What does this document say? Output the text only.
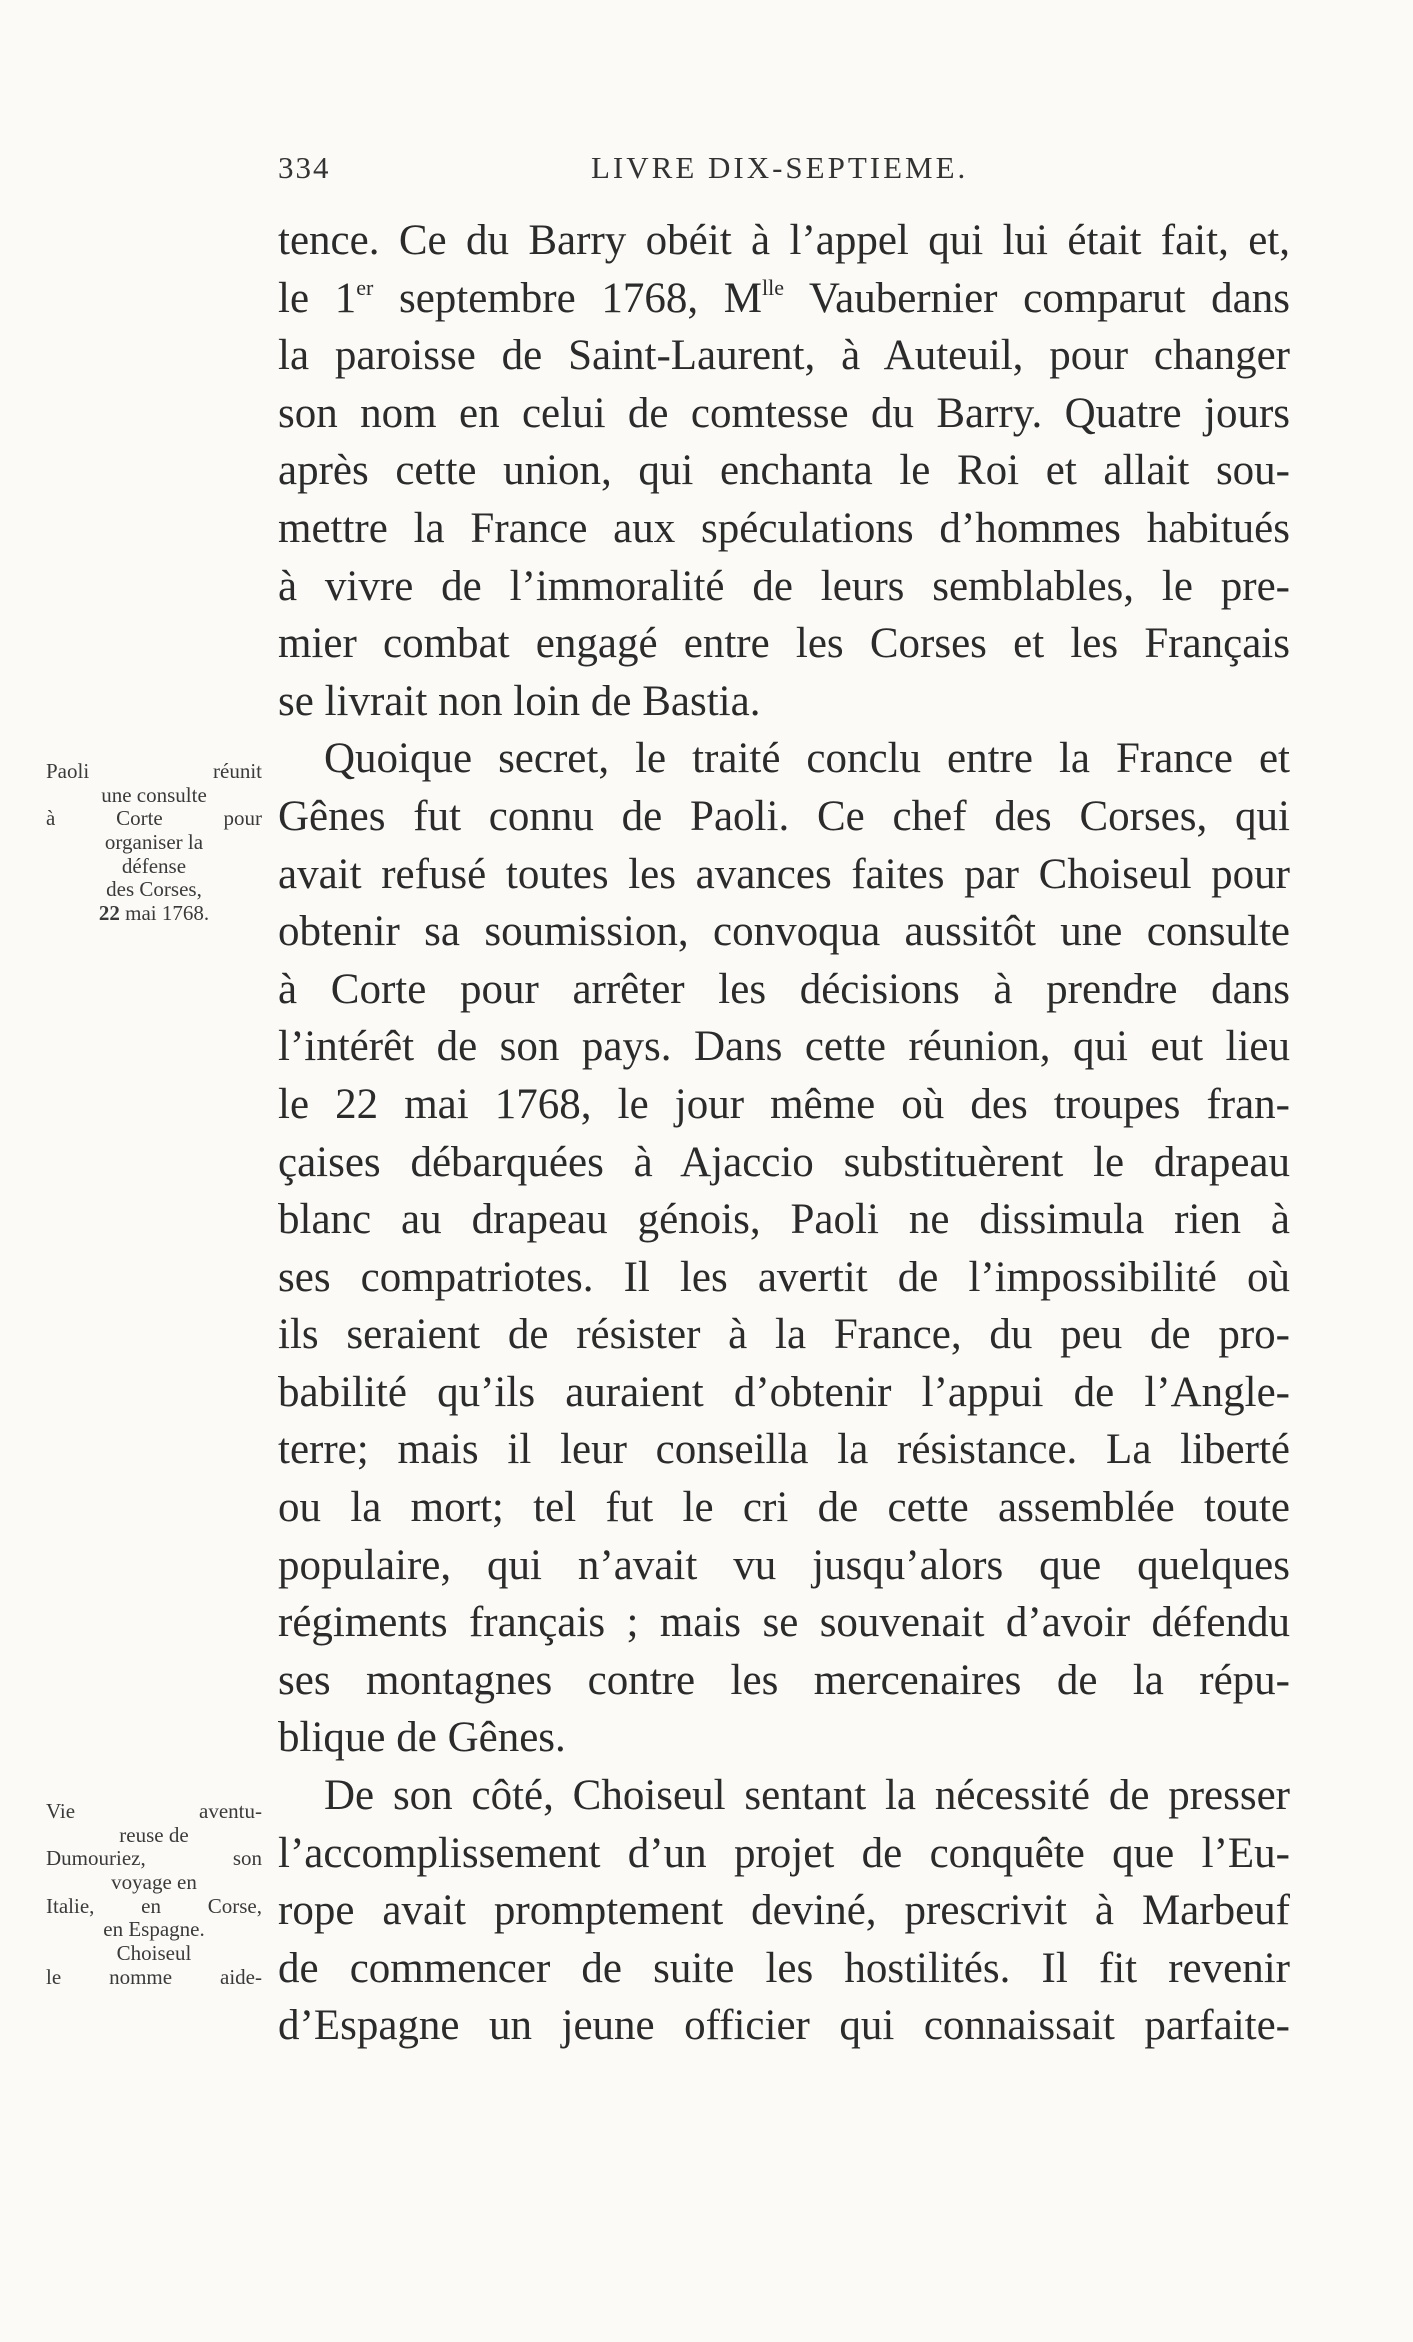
334	LIVRE DIX-SEPTIEME.
tence. Ce du Barry obéit à l’appel qui lui était fait, et,
le 1er septembre 1768, $M^{lle}$ Vaubernier comparut dans
la paroisse de Saint-Laurent, à Auteuil, pour changer
son nom en celui de comtesse du Barry. Quatre jours
après cette union, qui enchanta le Roi et allait sou-
mettre la France aux spéculations d’hommes habitués
à vivre de l’immoralité de leurs semblables, le pre-
mier combat engagé entre les Corses et les Français
se livrait non loin de Bastia.
Quoique secret, le traité conclu entre la France et
Gênes fut connu de Paoli. Ce chef des Corses, qui
avait refusé toutes les avances faites par Choiseul pour
obtenir sa soumission, convoqua aussitôt une consulte
à Corte pour arrêter les décisions à prendre dans
l’intérêt de son pays. Dans cette réunion, qui eut lieu
le 22 mai 1768, le jour même où des troupes fran-
çaises débarquées à Ajaccio substituèrent le drapeau
blanc au drapeau génois, Paoli ne dissimula rien à
ses compatriotes. Il les avertit de l’impossibilité où
ils seraient de résister à la France, du peu de pro-
babilité qu’ils auraient d’obtenir l’appui de l’Angle-
terre; mais il leur conseilla la résistance. La liberté
ou la mort; tel fut le cri de cette assemblée toute
populaire, qui n’avait vu jusqu’alors que quelques
régiments français ; mais se souvenait d’avoir défendu
ses montagnes contre les mercenaires de la répu-
blique de Gênes.
De son côté, Choiseul sentant la nécessité de presser
l’accomplissement d’un projet de conquête que l’Eu-
rope avait promptement deviné, prescrivit à Marbeuf
de commencer de suite les hostilités. Il fit revenir
d’Espagne un jeune officier qui connaissait parfaite-
Paoli réunit
une consulte
à Corte pour
organiser la
défense
des Corses,
22 mai 1768.
Vie aventu-
reuse de
Dumouriez, son
voyage en
Italie, en Corse,
en Espagne.
Choiseul
le nomme aide-
